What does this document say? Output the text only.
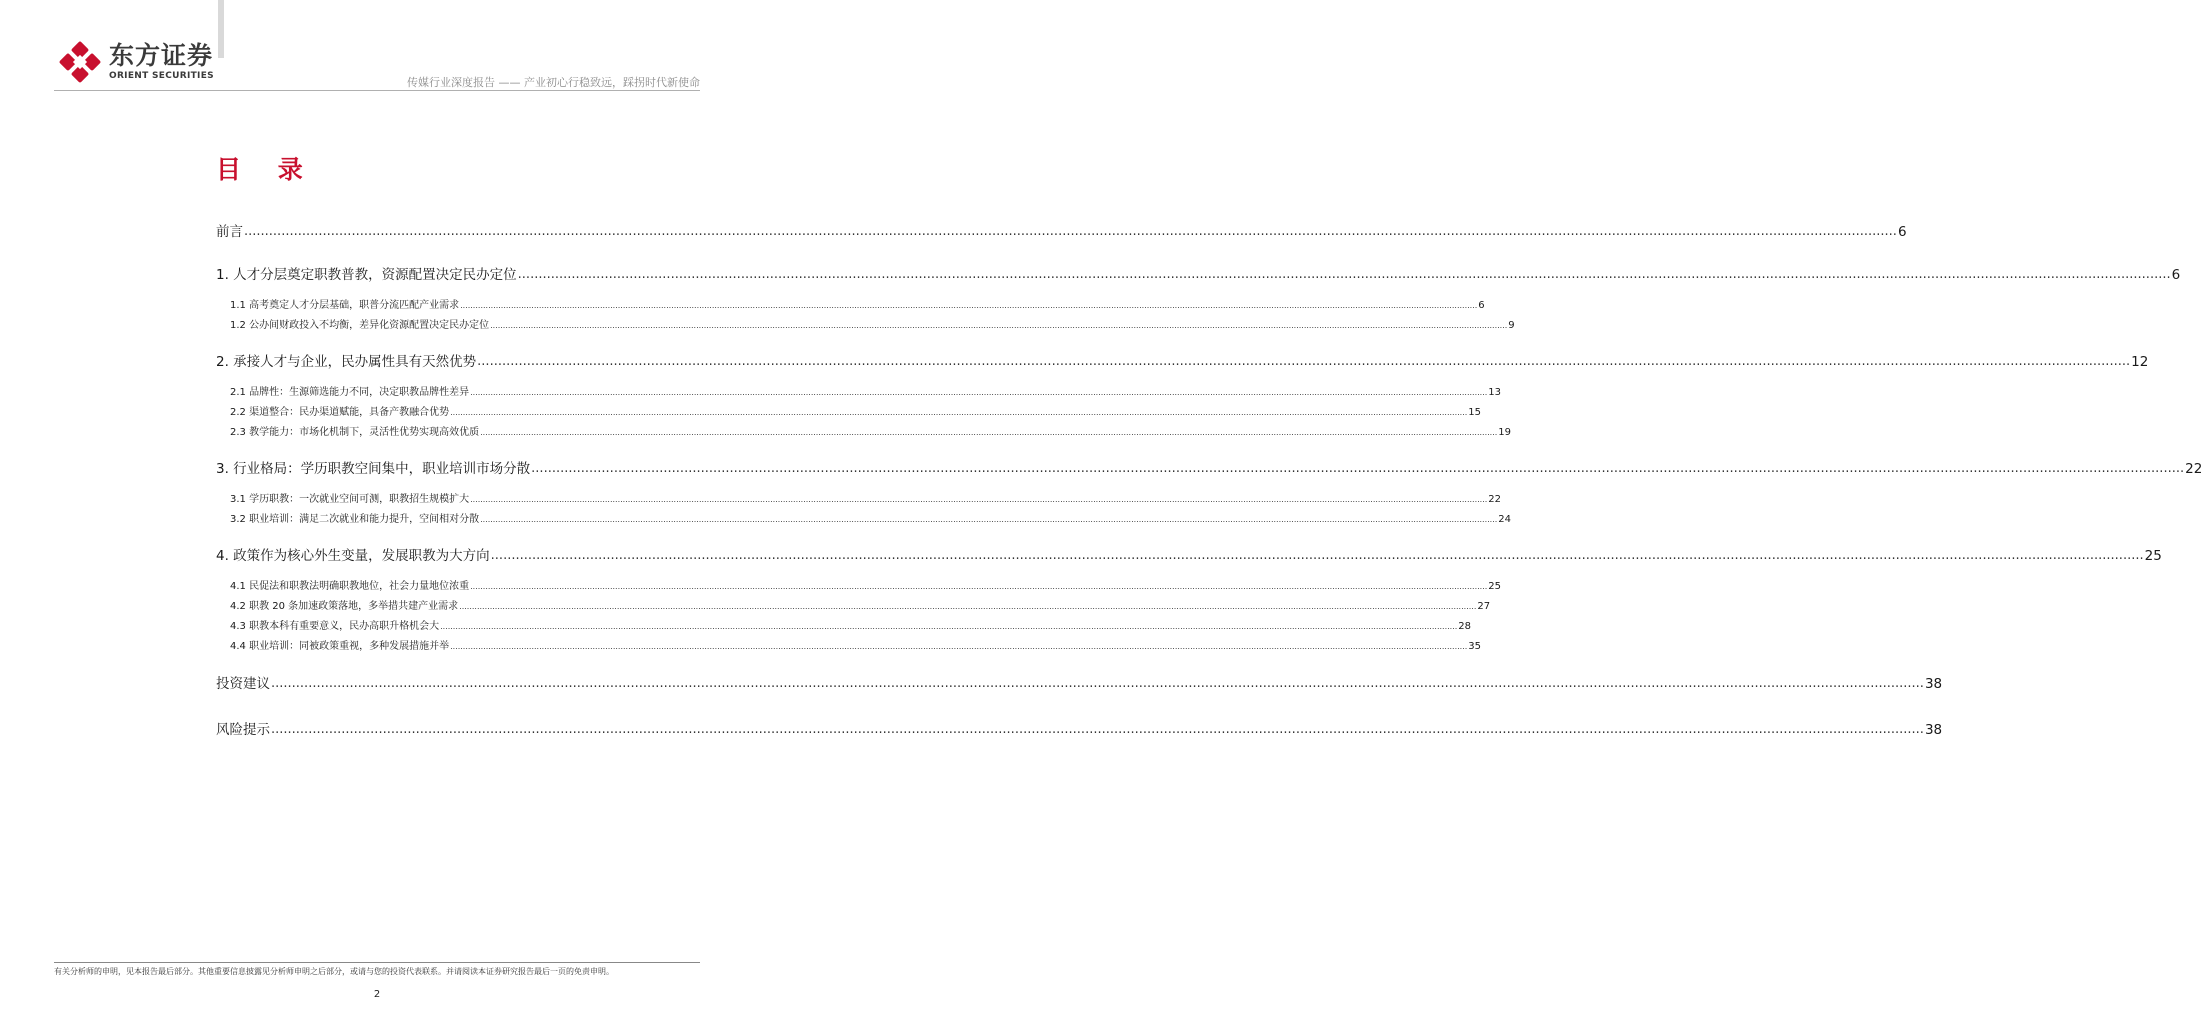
东方证券
ORIENT SECURITIES	传媒行业深度报告 —— 产业初心行稳致远，踩拐时代新使命
目 录
前言 ................................................................................................................................................................................................................................................................................................................................................................................................................ 6
1. 人才分层奠定职教普教，资源配置决定民办定位 ................................................................................................................................................................................................................................................................................................................................................................................................................ 6
1.1 高考奠定人才分层基础，职普分流匹配产业需求 ................................................................................................................................................................................................................................................................................................................................................................................................................ 6
1.2 公办间财政投入不均衡，差异化资源配置决定民办定位 ................................................................................................................................................................................................................................................................................................................................................................................................................ 9
2. 承接人才与企业，民办属性具有天然优势 ................................................................................................................................................................................................................................................................................................................................................................................................................ 12
2.1 品牌性：生源筛选能力不同，决定职教品牌性差异 ................................................................................................................................................................................................................................................................................................................................................................................................................ 13
2.2 渠道整合：民办渠道赋能，具备产教融合优势 ................................................................................................................................................................................................................................................................................................................................................................................................................ 15
2.3 教学能力：市场化机制下，灵活性优势实现高效优质 ................................................................................................................................................................................................................................................................................................................................................................................................................ 19
3. 行业格局：学历职教空间集中，职业培训市场分散 ................................................................................................................................................................................................................................................................................................................................................................................................................ 22
3.1 学历职教：一次就业空间可测，职教招生规模扩大 ................................................................................................................................................................................................................................................................................................................................................................................................................ 22
3.2 职业培训：满足二次就业和能力提升，空间相对分散 ................................................................................................................................................................................................................................................................................................................................................................................................................ 24
4. 政策作为核心外生变量，发展职教为大方向 ................................................................................................................................................................................................................................................................................................................................................................................................................ 25
4.1 民促法和职教法明确职教地位，社会力量地位浓重 ................................................................................................................................................................................................................................................................................................................................................................................................................ 25
4.2 职教 20 条加速政策落地，多举措共建产业需求 ................................................................................................................................................................................................................................................................................................................................................................................................................ 27
4.3 职教本科有重要意义，民办高职升格机会大 ................................................................................................................................................................................................................................................................................................................................................................................................................ 28
4.4 职业培训：同被政策重视，多种发展措施并举 ................................................................................................................................................................................................................................................................................................................................................................................................................ 35
投资建议 ................................................................................................................................................................................................................................................................................................................................................................................................................ 38
风险提示 ................................................................................................................................................................................................................................................................................................................................................................................................................ 38
有关分析师的申明，见本报告最后部分。其他重要信息披露见分析师申明之后部分，或请与您的投资代表联系。并请阅读本证券研究报告最后一页的免责申明。
2
